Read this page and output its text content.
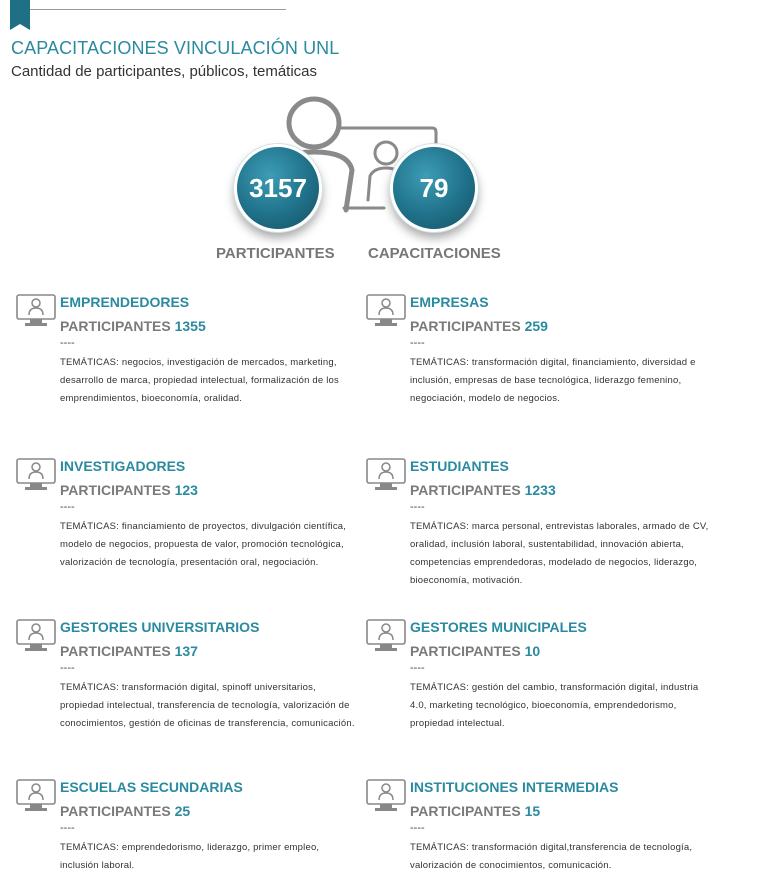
CAPACITACIONES VINCULACIÓN UNL

Cantidad de participantes, públicos, temáticas

3157	79
PARTICIPANTES CAPACITACIONES
EMPRENDEDORES
PARTICIPANTES 1355
----
TEMÁTICAS: negocios, investigación de mercados, marketing, desarrollo de marca, propiedad intelectual, formalización de los emprendimientos, bioeconomía, oralidad.
EMPRESAS
PARTICIPANTES 259
----
TEMÁTICAS: transformación digital, financiamiento, diversidad e inclusión, empresas de base tecnológica, liderazgo femenino, negociación, modelo de negocios.
INVESTIGADORES
PARTICIPANTES 123
----
TEMÁTICAS: financiamiento de proyectos, divulgación científica, modelo de negocios, propuesta de valor, promoción tecnológica, valorización de tecnología, presentación oral, negociación.
ESTUDIANTES
PARTICIPANTES 1233
----
TEMÁTICAS: marca personal, entrevistas laborales, armado de CV, oralidad, inclusión laboral, sustentabilidad, innovación abierta, competencias emprendedoras, modelado de negocios, liderazgo, bioeconomía, motivación.
GESTORES UNIVERSITARIOS
PARTICIPANTES 137
----
TEMÁTICAS: transformación digital, spinoff universitarios, propiedad intelectual, transferencia de tecnología, valorización de conocimientos, gestión de oficinas de transferencia, comunicación.
GESTORES MUNICIPALES
PARTICIPANTES 10
----
TEMÁTICAS: gestión del cambio, transformación digital, industria 4.0, marketing tecnológico, bioeconomía, emprendedorismo, propiedad intelectual.
ESCUELAS SECUNDARIAS
PARTICIPANTES 25
----
TEMÁTICAS: emprendedorismo, liderazgo, primer empleo, inclusión laboral.
INSTITUCIONES INTERMEDIAS
PARTICIPANTES 15
----
TEMÁTICAS: transformación digital,transferencia de tecnología, valorización de conocimientos, comunicación.
